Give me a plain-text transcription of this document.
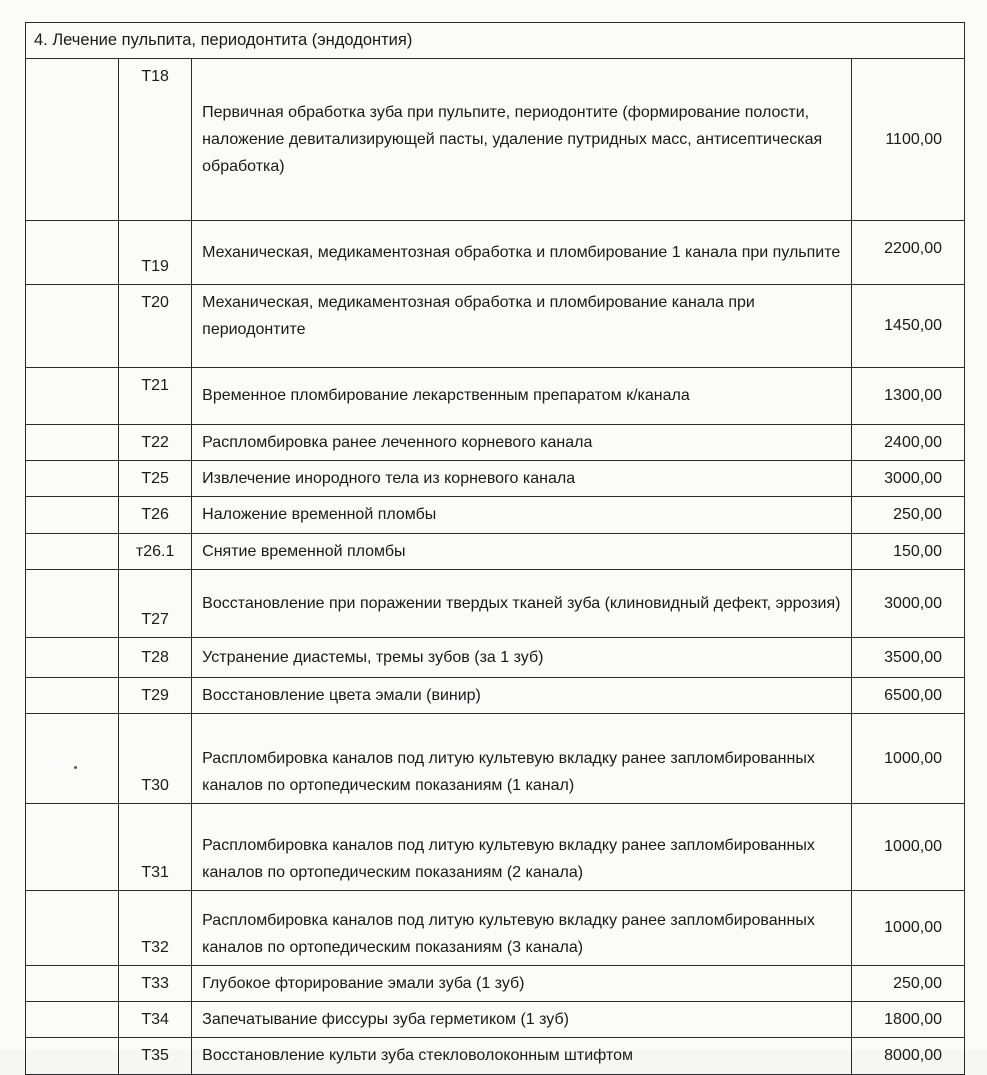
4. Лечение пульпита, периодонтита (эндодонтия)			
	Т18	Первичная обработка зуба при пульпите, периодонтите (формирование полости, наложение девитализирующей пасты, удаление путридных масс, антисептическая обработка)	1100,00
	Т19	Механическая, медикаментозная обработка и пломбирование 1 канала при пульпите	2200,00
	Т20	Механическая, медикаментозная обработка и пломбирование канала при периодонтите	1450,00
	Т21	Временное пломбирование лекарственным препаратом к/канала	1300,00
	Т22	Распломбировка ранее леченного корневого канала	2400,00
	Т25	Извлечение инородного тела из корневого канала	3000,00
	Т26	Наложение временной пломбы	250,00
	т26.1	Снятие временной пломбы	150,00
	Т27	Восстановление при поражении твердых тканей зуба (клиновидный дефект, эррозия)	3000,00
	Т28	Устранение диастемы, тремы зубов (за 1 зуб)	3500,00
	Т29	Восстановление цвета эмали (винир)	6500,00
	Т30	Распломбировка каналов под литую культевую вкладку ранее запломбированных каналов по ортопедическим показаниям (1 канал)	1000,00
	Т31	Распломбировка каналов под литую культевую вкладку ранее запломбированных каналов по ортопедическим показаниям (2 канала)	1000,00
	Т32	Распломбировка каналов под литую культевую вкладку ранее запломбированных каналов по ортопедическим показаниям (3 канала)	1000,00
	Т33	Глубокое фторирование эмали зуба (1 зуб)	250,00
	Т34	Запечатывание фиссуры зуба герметиком (1 зуб)	1800,00
	Т35	Восстановление культи зуба стекловолоконным штифтом	8000,00
